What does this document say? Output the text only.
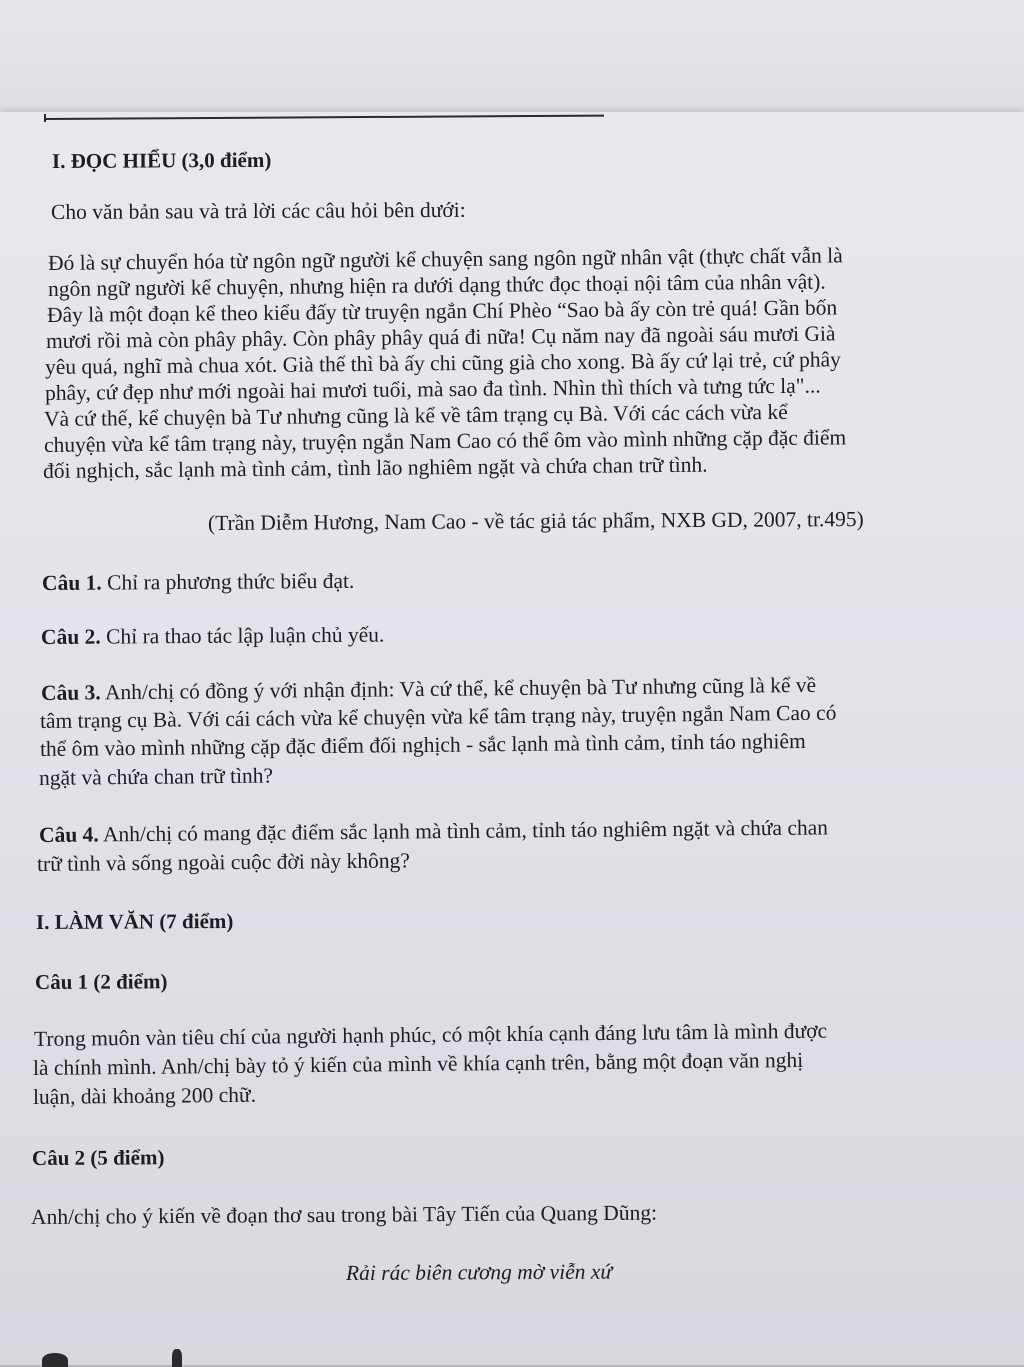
I. ĐỌC HIỂU (3,0 điểm)
Cho văn bản sau và trả lời các câu hỏi bên dưới:
Đó là sự chuyển hóa từ ngôn ngữ người kể chuyện sang ngôn ngữ nhân vật (thực chất vẫn là
ngôn ngữ người kể chuyện, nhưng hiện ra dưới dạng thức đọc thoại nội tâm của nhân vật).
Đây là một đoạn kể theo kiểu đấy từ truyện ngắn Chí Phèo “Sao bà ấy còn trẻ quá! Gần bốn
mươi rồi mà còn phây phây. Còn phây phây quá đi nữa! Cụ năm nay đã ngoài sáu mươi Già
yêu quá, nghĩ mà chua xót. Già thế thì bà ấy chi cũng già cho xong. Bà ấy cứ lại trẻ, cứ phây
phây, cứ đẹp như mới ngoài hai mươi tuổi, mà sao đa tình. Nhìn thì thích và tưng tức lạ"...
Và cứ thế, kể chuyện bà Tư nhưng cũng là kể về tâm trạng cụ Bà. Với các cách vừa kể
chuyện vừa kể tâm trạng này, truyện ngắn Nam Cao có thể ôm vào mình những cặp đặc điểm
đối nghịch, sắc lạnh mà tình cảm, tình lão nghiêm ngặt và chứa chan trữ tình.
(Trần Diễm Hương, Nam Cao - về tác giả tác phẩm, NXB GD, 2007, tr.495)
Câu 1. Chỉ ra phương thức biểu đạt.
Câu 2. Chỉ ra thao tác lập luận chủ yếu.
Câu 3. Anh/chị có đồng ý với nhận định: Và cứ thể, kể chuyện bà Tư nhưng cũng là kể về
tâm trạng cụ Bà. Với cái cách vừa kể chuyện vừa kể tâm trạng này, truyện ngắn Nam Cao có
thể ôm vào mình những cặp đặc điểm đối nghịch - sắc lạnh mà tình cảm, tỉnh táo nghiêm
ngặt và chứa chan trữ tình?
Câu 4. Anh/chị có mang đặc điểm sắc lạnh mà tình cảm, tỉnh táo nghiêm ngặt và chứa chan
trữ tình và sống ngoài cuộc đời này không?
I. LÀM VĂN (7 điểm)
Câu 1 (2 điểm)
Trong muôn vàn tiêu chí của người hạnh phúc, có một khía cạnh đáng lưu tâm là mình được
là chính mình. Anh/chị bày tỏ ý kiến của mình về khía cạnh trên, bằng một đoạn văn nghị
luận, dài khoảng 200 chữ.
Câu 2 (5 điểm)
Anh/chị cho ý kiến về đoạn thơ sau trong bài Tây Tiến của Quang Dũng:
Rải rác biên cương mờ viễn xứ
